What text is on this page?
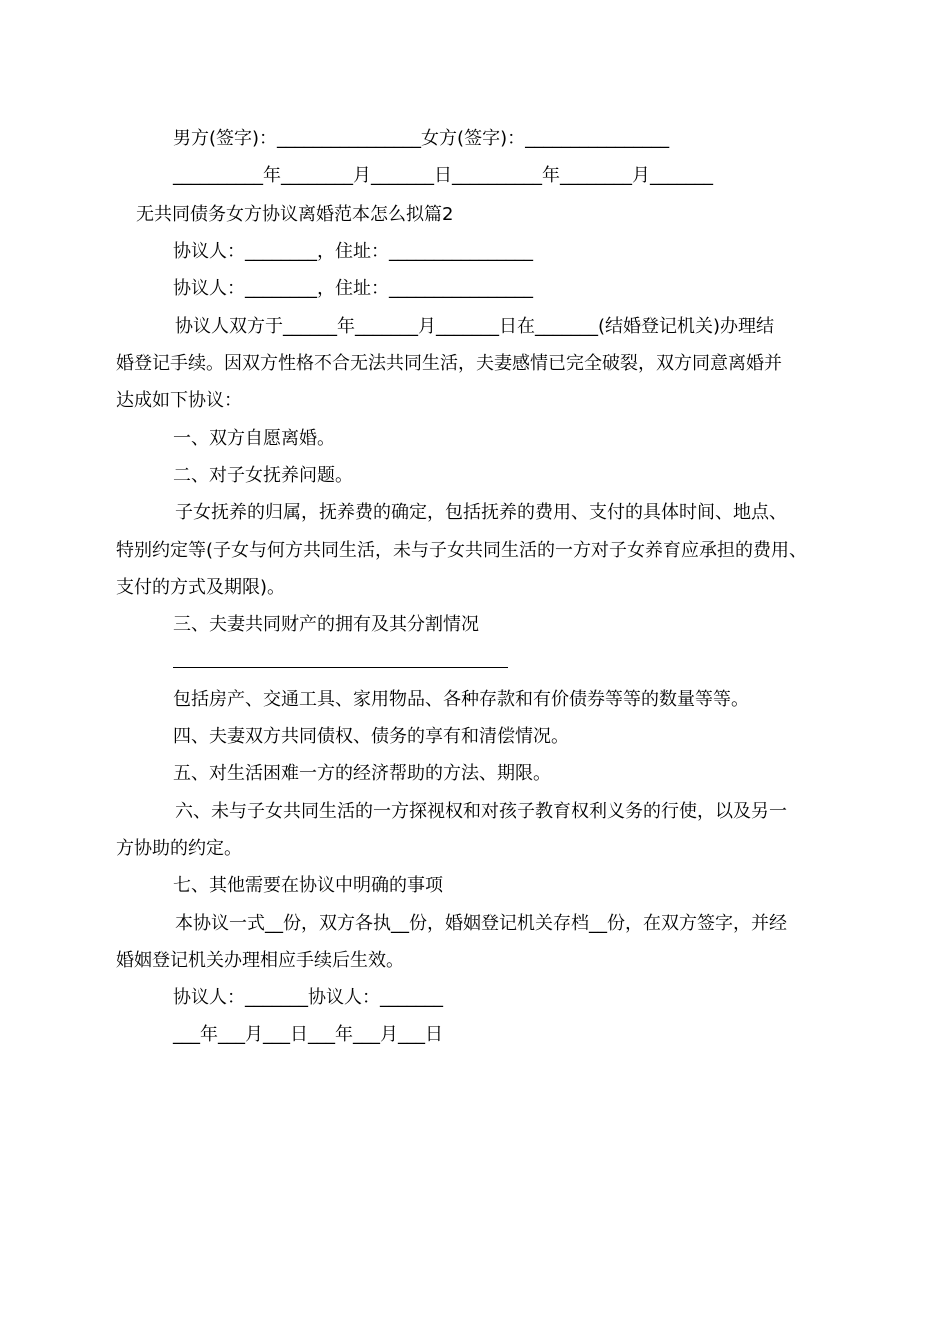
男方(签字)：________________女方(签字)：________________
__________年________月_______日__________年________月_______
无共同债务女方协议离婚范本怎么拟篇2
协议人：________，住址：________________
协议人：________，住址：________________
协议人双方于______年_______月_______日在_______(结婚登记机关)办理结
婚登记手续。因双方性格不合无法共同生活，夫妻感情已完全破裂，双方同意离婚并
达成如下协议：
一、双方自愿离婚。
二、对子女抚养问题。
子女抚养的归属，抚养费的确定，包括抚养的费用、支付的具体时间、地点、
特别约定等(子女与何方共同生活，未与子女共同生活的一方对子女养育应承担的费用、
支付的方式及期限)。
三、夫妻共同财产的拥有及其分割情况
包括房产、交通工具、家用物品、各种存款和有价债券等等的数量等等。
四、夫妻双方共同债权、债务的享有和清偿情况。
五、对生活困难一方的经济帮助的方法、期限。
六、未与子女共同生活的一方探视权和对孩子教育权利义务的行使，以及另一
方协助的约定。
七、其他需要在协议中明确的事项
本协议一式__份，双方各执__份，婚姻登记机关存档__份，在双方签字，并经
婚姻登记机关办理相应手续后生效。
协议人：_______协议人：_______
___年___月___日___年___月___日
